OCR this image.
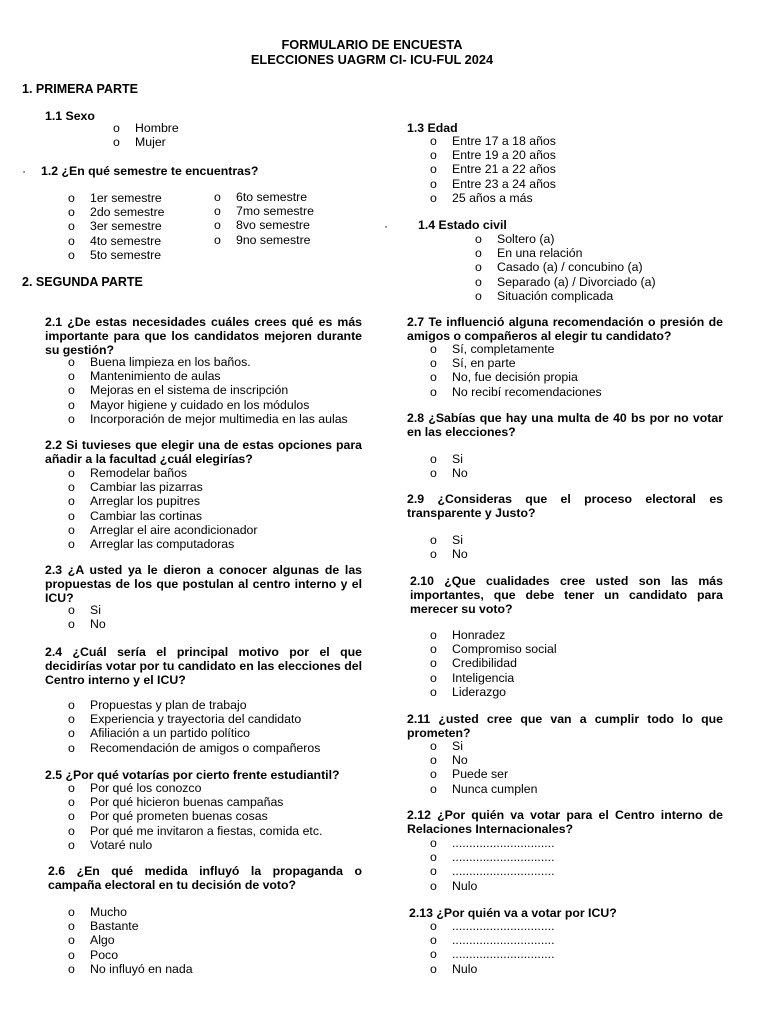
FORMULARIO DE ENCUESTA
ELECCIONES UAGRM CI- ICU-FUL 2024
1. PRIMERA PARTE
1.1 Sexo
o Hombre
o Mujer
· 1.2 ¿En qué semestre te encuentras?
o 1er semestre
o 2do semestre
o 3er semestre
o 4to semestre
o 5to semestre
o 6to semestre
o 7mo semestre
o 8vo semestre
o 9no semestre
1.3 Edad
o Entre 17 a 18 años
o Entre 19 a 20 años
o Entre 21 a 22 años
o Entre 23 a 24 años
o 25 años a más
· 1.4 Estado civil
o Soltero (a)
o En una relación
o Casado (a) / concubino (a)
o Separado (a) / Divorciado (a)
o Situación complicada
2. SEGUNDA PARTE
2.1 ¿De estas necesidades cuáles crees qué es más importante para que los candidatos mejoren durante su gestión?
o Buena limpieza en los baños.
o Mantenimiento de aulas
o Mejoras en el sistema de inscripción
o Mayor higiene y cuidado en los módulos
o Incorporación de mejor multimedia en las aulas
2.2 Si tuvieses que elegir una de estas opciones para añadir a la facultad ¿cuál elegirías?
o Remodelar baños
o Cambiar las pizarras
o Arreglar los pupitres
o Cambiar las cortinas
o Arreglar el aire acondicionador
o Arreglar las computadoras
2.3 ¿A usted ya le dieron a conocer algunas de las propuestas de los que postulan al centro interno y el ICU?
o Si
o No
2.4 ¿Cuál sería el principal motivo por el que decidirías votar por tu candidato en las elecciones del Centro interno y el ICU?
o Propuestas y plan de trabajo
o Experiencia y trayectoria del candidato
o Afiliación a un partido político
o Recomendación de amigos o compañeros
2.5 ¿Por qué votarías por cierto frente estudiantil?
o Por qué los conozco
o Por qué hicieron buenas campañas
o Por qué prometen buenas cosas
o Por qué me invitaron a fiestas, comida etc.
o Votaré nulo
2.6 ¿En qué medida influyó la propaganda o campaña electoral en tu decisión de voto?
o Mucho
o Bastante
o Algo
o Poco
o No influyó en nada
2.7 Te influenció alguna recomendación o presión de amigos o compañeros al elegir tu candidato?
o Sí, completamente
o Sí, en parte
o No, fue decisión propia
o No recibí recomendaciones
2.8 ¿Sabías que hay una multa de 40 bs por no votar en las elecciones?
o Si
o No
2.9 ¿Consideras que el proceso electoral es transparente y Justo?
o Si
o No
2.10 ¿Que cualidades cree usted son las más importantes, que debe tener un candidato para merecer su voto?
o Honradez
o Compromiso social
o Credibilidad
o Inteligencia
o Liderazgo
2.11 ¿usted cree que van a cumplir todo lo que prometen?
o Si
o No
o Puede ser
o Nunca cumplen
2.12 ¿Por quién va votar para el Centro interno de Relaciones Internacionales?
o ..............................
o ..............................
o ..............................
o Nulo
2.13 ¿Por quién va a votar por ICU?
o ..............................
o ..............................
o ..............................
o Nulo
